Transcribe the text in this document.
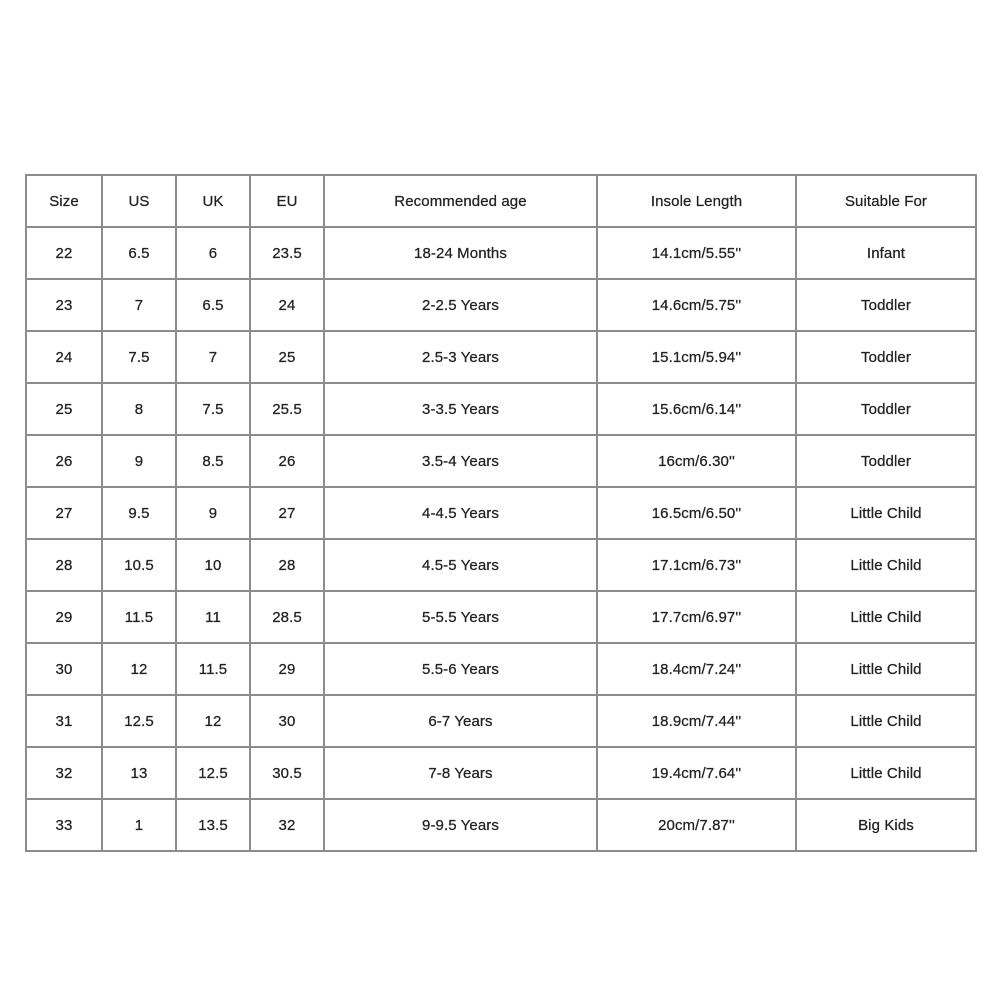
Size	US	UK	EU	Recommended age	Insole Length	Suitable For
22	6.5	6	23.5	18-24 Months	14.1cm/5.55''	Infant
23	7	6.5	24	2-2.5 Years	14.6cm/5.75''	Toddler
24	7.5	7	25	2.5-3 Years	15.1cm/5.94''	Toddler
25	8	7.5	25.5	3-3.5 Years	15.6cm/6.14''	Toddler
26	9	8.5	26	3.5-4 Years	16cm/6.30''	Toddler
27	9.5	9	27	4-4.5 Years	16.5cm/6.50''	Little Child
28	10.5	10	28	4.5-5 Years	17.1cm/6.73''	Little Child
29	11.5	11	28.5	5-5.5 Years	17.7cm/6.97''	Little Child
30	12	11.5	29	5.5-6 Years	18.4cm/7.24''	Little Child
31	12.5	12	30	6-7 Years	18.9cm/7.44''	Little Child
32	13	12.5	30.5	7-8 Years	19.4cm/7.64''	Little Child
33	1	13.5	32	9-9.5 Years	20cm/7.87''	Big Kids
